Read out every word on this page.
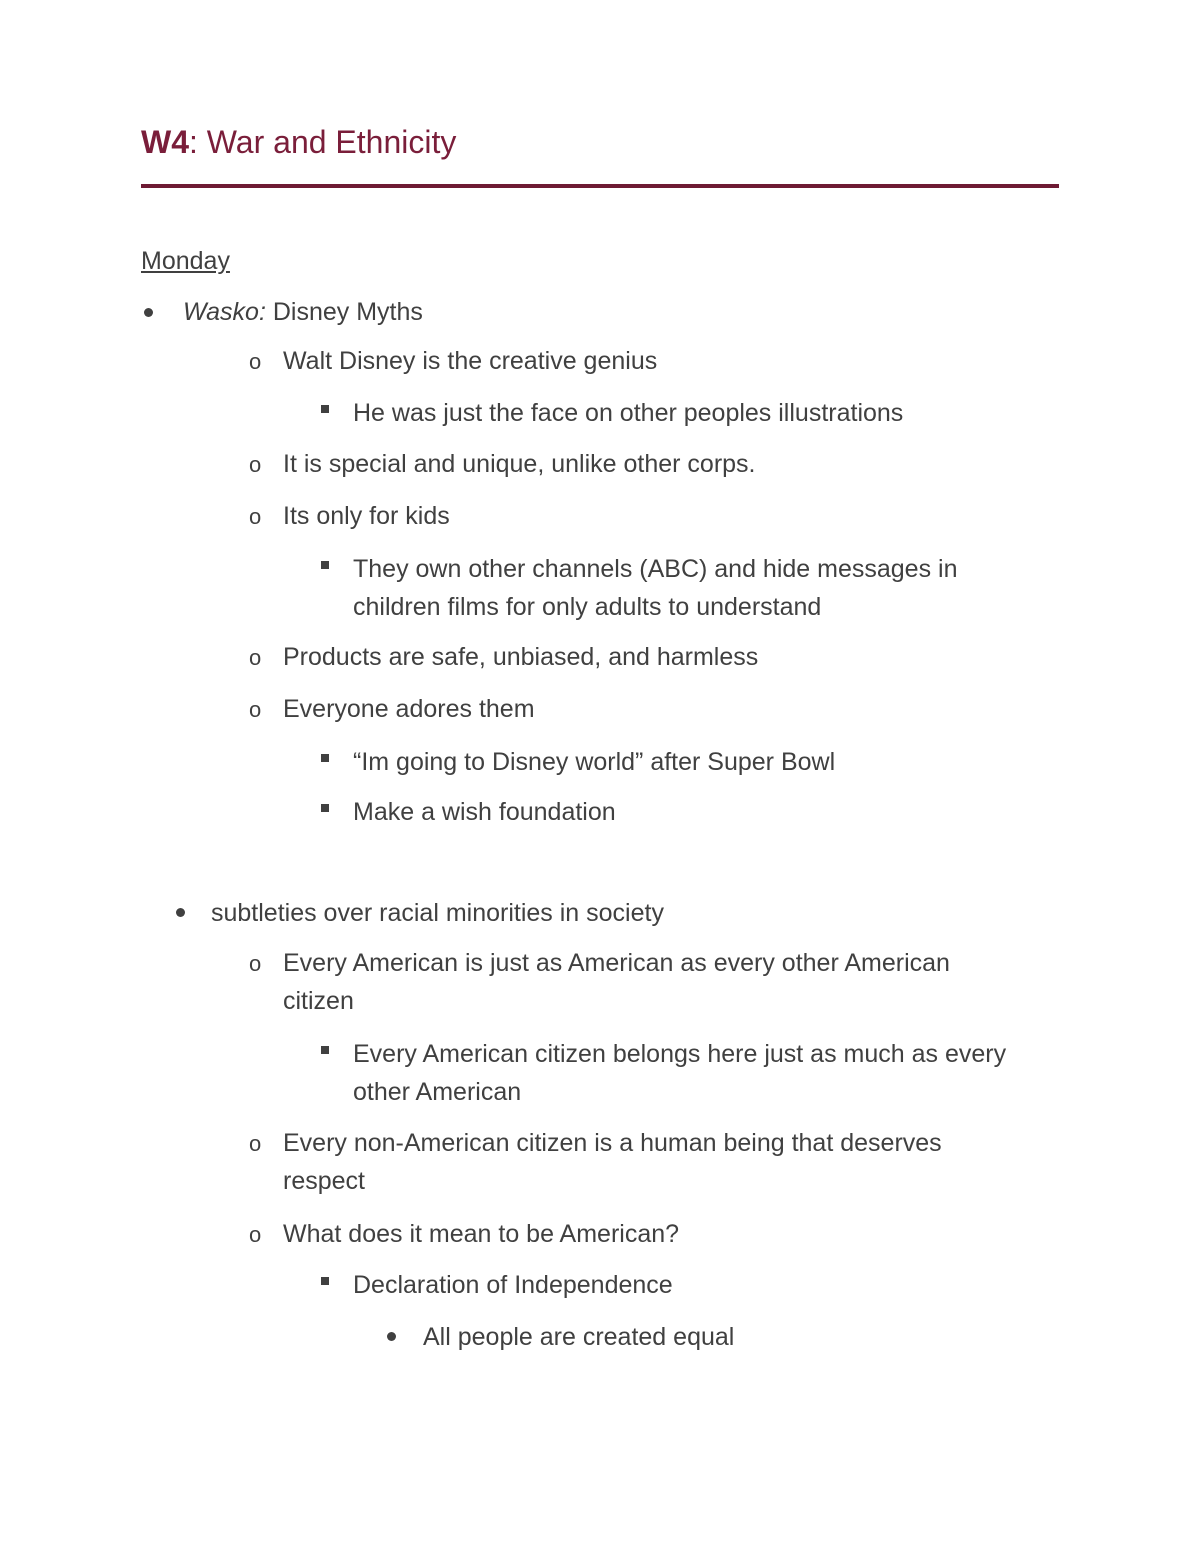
W4: War and Ethnicity
Monday
Wasko: Disney Myths
o Walt Disney is the creative genius
He was just the face on other peoples illustrations
o It is special and unique, unlike other corps.
o Its only for kids
They own other channels (ABC) and hide messages in children films for only adults to understand
o Products are safe, unbiased, and harmless
o Everyone adores them
“Im going to Disney world” after Super Bowl
Make a wish foundation
subtleties over racial minorities in society
o Every American is just as American as every other American citizen
Every American citizen belongs here just as much as every other American
o Every non-American citizen is a human being that deserves respect
o What does it mean to be American?
Declaration of Independence
All people are created equal
